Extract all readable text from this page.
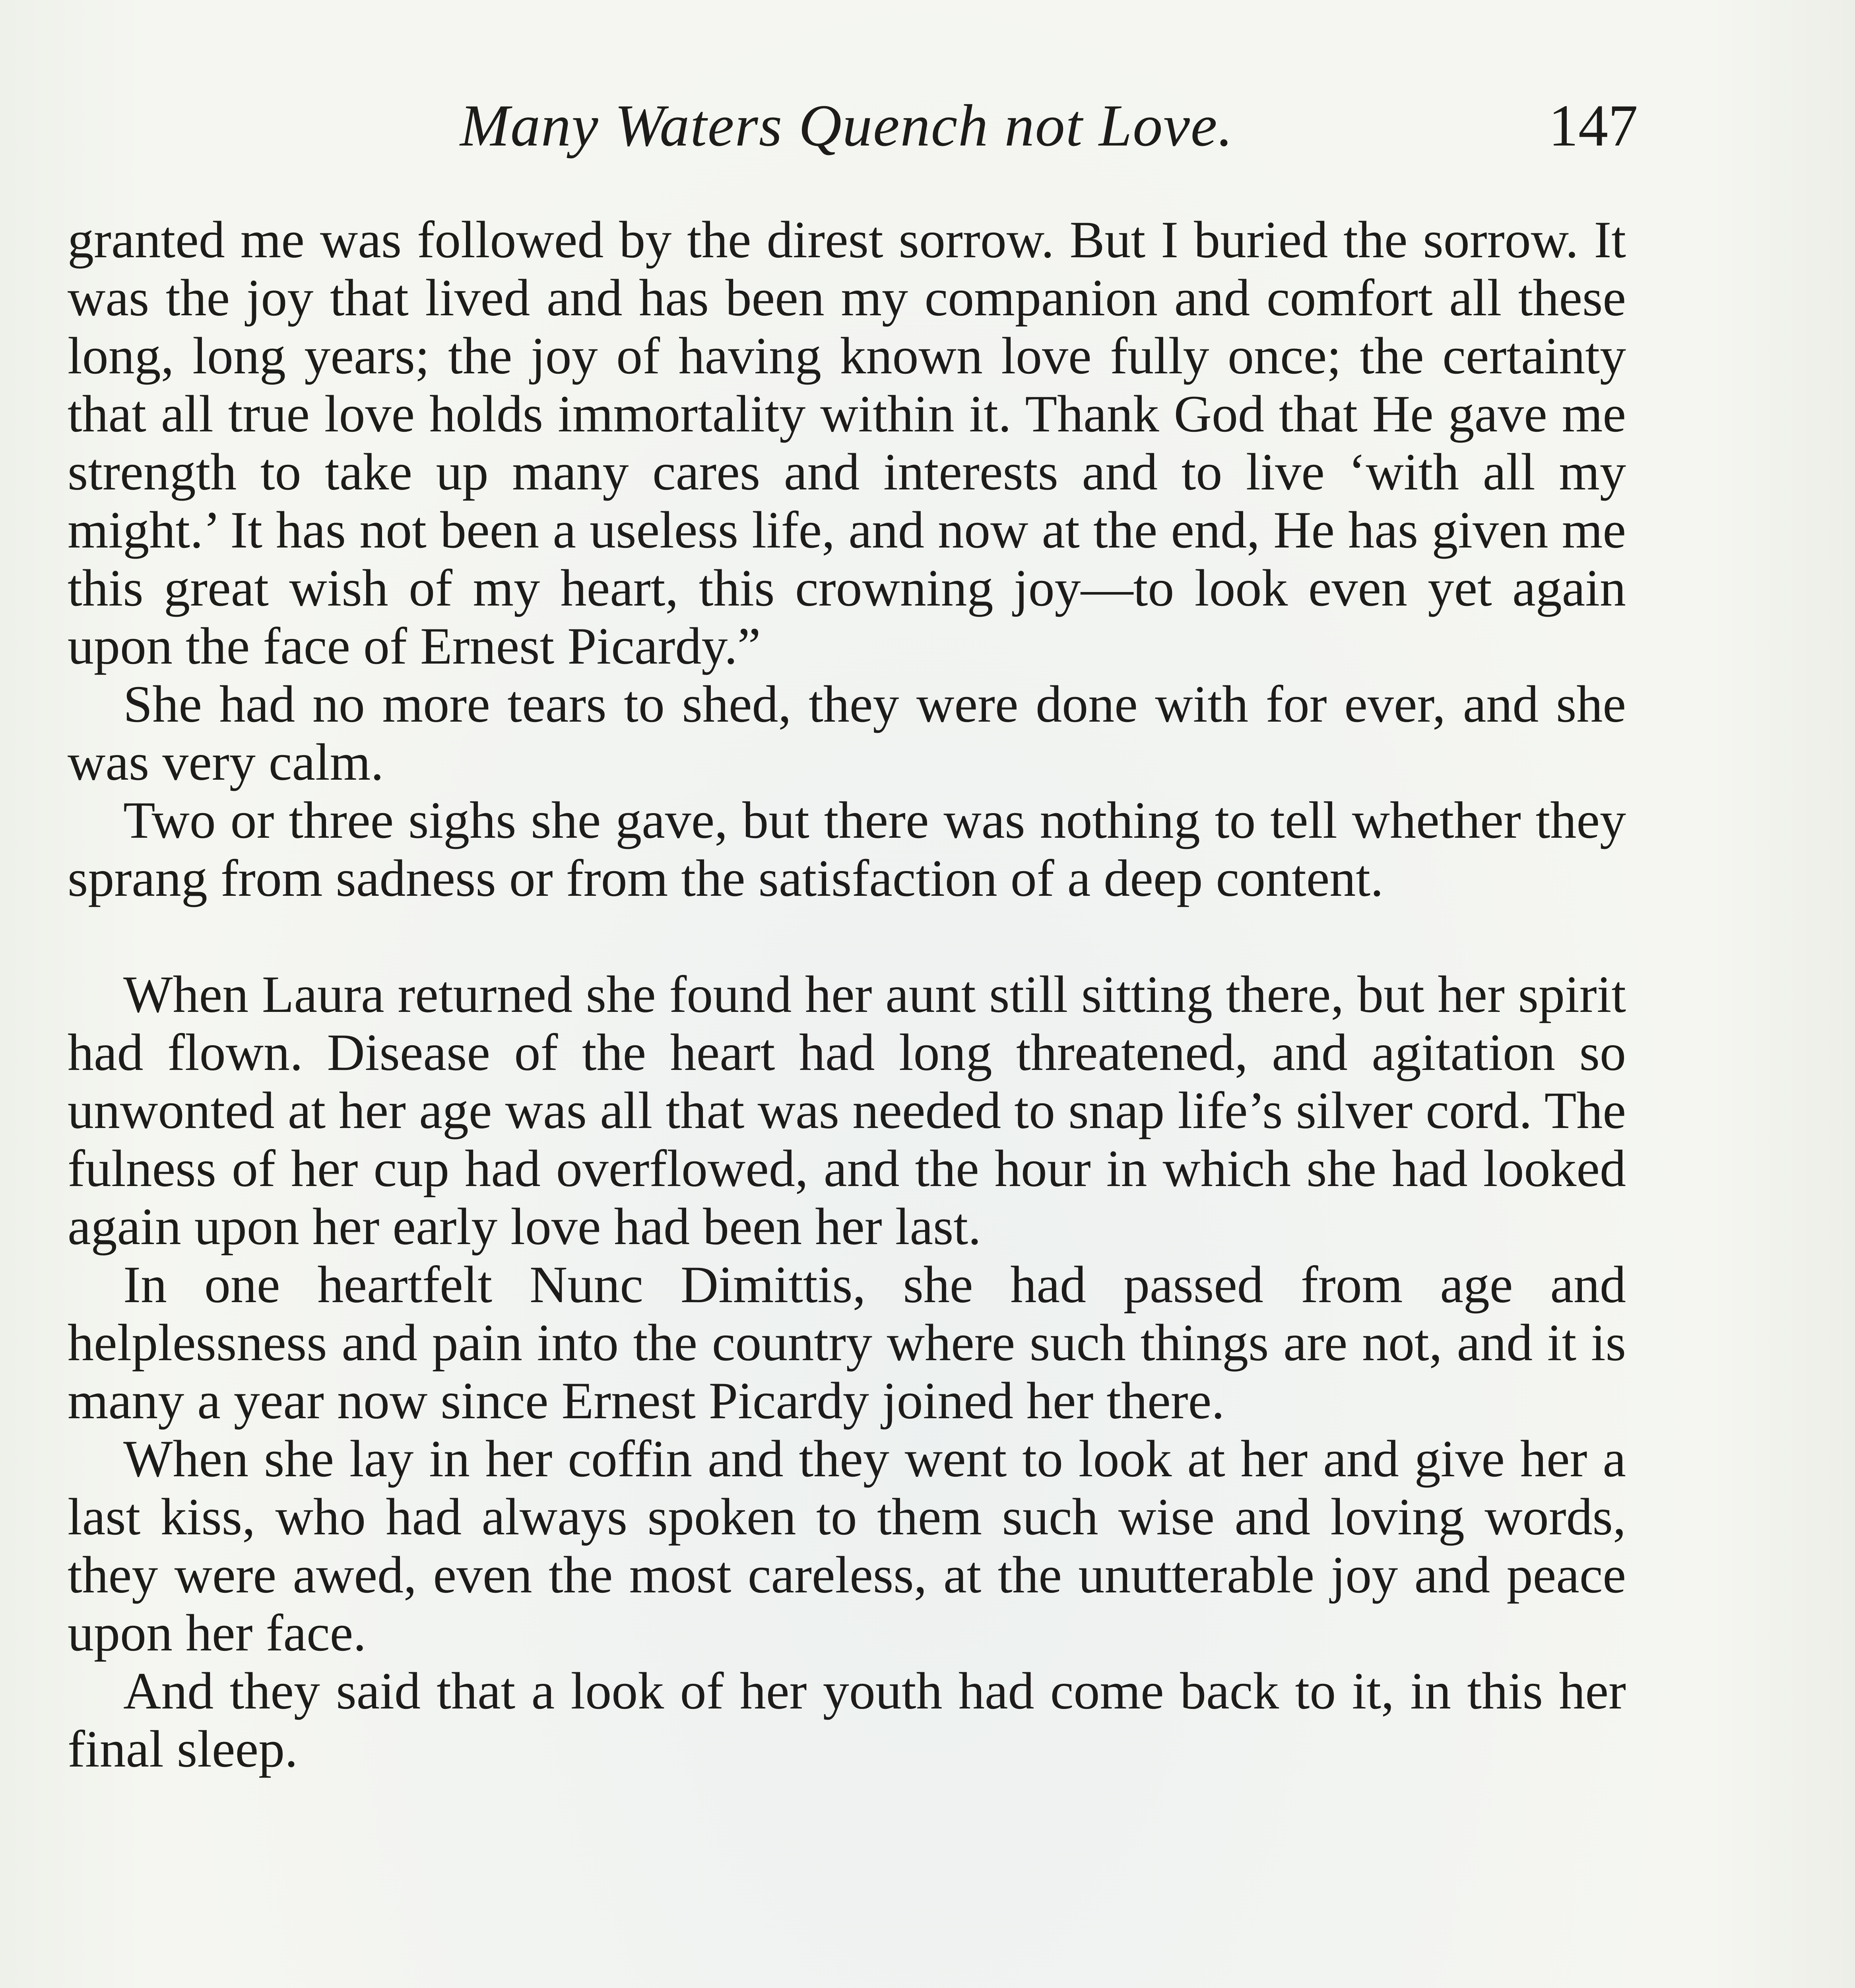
Many Waters Quench not Love.	147

granted me was followed by the direst sorrow. But I buried the sorrow. It was the joy that lived and has been my companion and comfort all these long, long years; the joy of having known love fully once; the certainty that all true love holds immortality within it. Thank God that He gave me strength to take up many cares and interests and to live ‘with all my might.’ It has not been a useless life, and now at the end, He has given me this great wish of my heart, this crowning joy—to look even yet again upon the face of Ernest Picardy.”

She had no more tears to shed, they were done with for ever, and she was very calm.

Two or three sighs she gave, but there was nothing to tell whether they sprang from sadness or from the satisfaction of a deep content.

When Laura returned she found her aunt still sitting there, but her spirit had flown. Disease of the heart had long threatened, and agitation so unwonted at her age was all that was needed to snap life’s silver cord. The fulness of her cup had overflowed, and the hour in which she had looked again upon her early love had been her last.

In one heartfelt Nunc Dimittis, she had passed from age and helplessness and pain into the country where such things are not, and it is many a year now since Ernest Picardy joined her there.

When she lay in her coffin and they went to look at her and give her a last kiss, who had always spoken to them such wise and loving words, they were awed, even the most careless, at the unutterable joy and peace upon her face.

And they said that a look of her youth had come back to it, in this her final sleep.
